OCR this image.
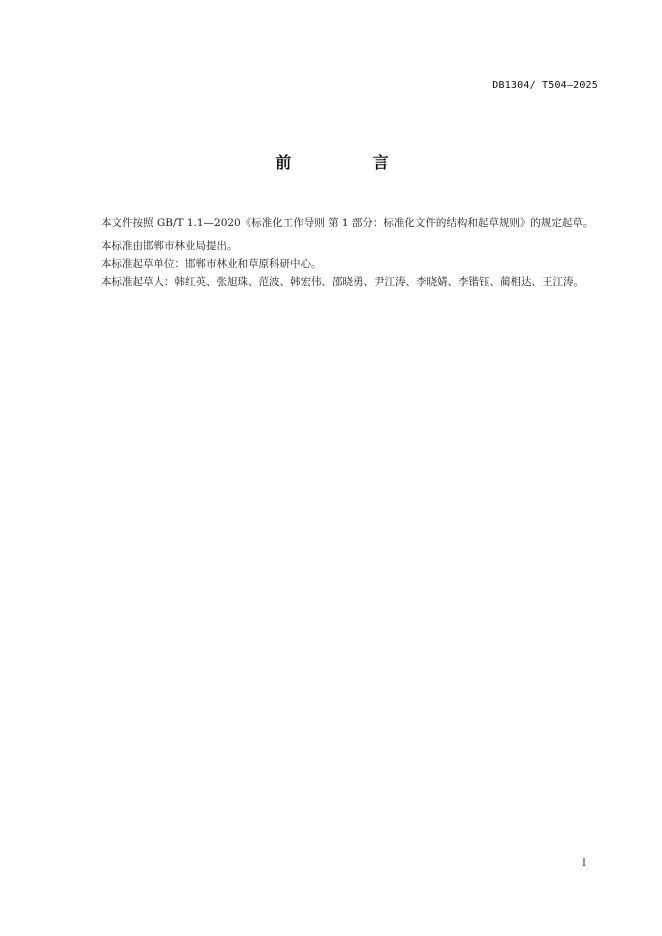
DB1304/ T504—2025
前 言

本文件按照 GB/T 1.1—2020《标准化工作导则 第 1 部分：标准化文件的结构和起草规则》的规定起草。

本标准由邯郸市林业局提出。

本标准起草单位：邯郸市林业和草原科研中心。

本标准起草人：韩红英、张旭珠、范波、韩宏伟、邵晓勇、尹江涛、李晓婧、李锴钰、蔺相达、王江涛。

I
